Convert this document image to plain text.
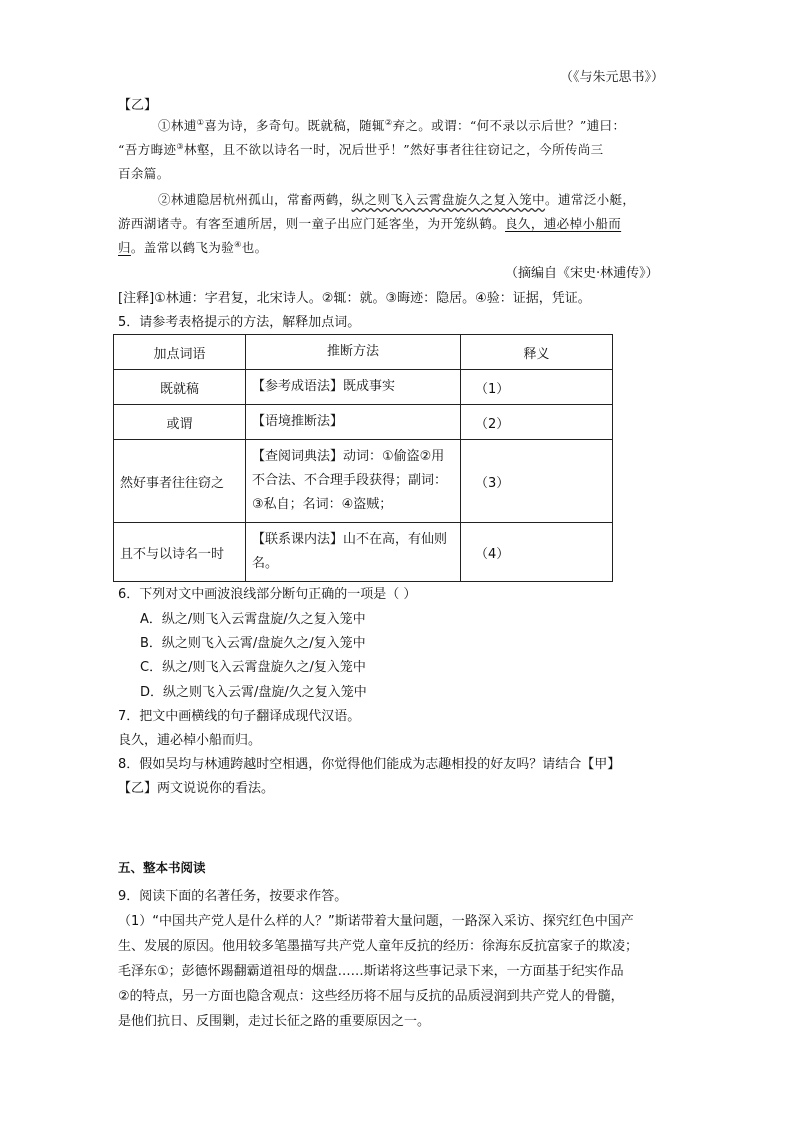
（《与朱元思书》）
【乙】
①林逋①喜为诗，多奇句。既就稿，随辄②弃之。或谓：“何不录以示后世？”逋曰：
“吾方晦迹③林壑，且不欲以诗名一时，况后世乎！”然好事者往往窃记之，今所传尚三
百余篇。
②林逋隐居杭州孤山，常畜两鹤，纵之则飞入云霄盘旋久之复入笼中。逋常泛小艇，
游西湖诸寺。有客至逋所居，则一童子出应门延客坐，为开笼纵鹤。良久，逋必棹小船而
归。盖常以鹤飞为验④也。
（摘编自《宋史·林逋传》）
[注释]①林逋：字君复，北宋诗人。②辄：就。③晦迹：隐居。④验：证据，凭证。
5．请参考表格提示的方法，解释加点词。
加点词语	推断方法	释义
既就稿	【参考成语法】既成事实	（1）
或谓	【语境推断法】	（2）
然好事者往往窃之	【查阅词典法】动词：①偷盗②用不合法、不合理手段获得；副词：③私自；名词：④盗贼；	（3）
且不与以诗名一时	【联系课内法】山不在高，有仙则名。	（4）
6．下列对文中画波浪线部分断句正确的一项是（ ）
A．纵之/则飞入云霄盘旋/久之复入笼中
B．纵之则飞入云霄/盘旋久之/复入笼中
C．纵之/则飞入云霄盘旋久之/复入笼中
D．纵之则飞入云霄/盘旋/久之复入笼中
7．把文中画横线的句子翻译成现代汉语。
良久，逋必棹小船而归。
8．假如吴均与林逋跨越时空相遇，你觉得他们能成为志趣相投的好友吗？请结合【甲】
【乙】两文说说你的看法。
五、整本书阅读
9．阅读下面的名著任务，按要求作答。
（1）“中国共产党人是什么样的人？”斯诺带着大量问题，一路深入采访、探究红色中国产
生、发展的原因。他用较多笔墨描写共产党人童年反抗的经历：徐海东反抗富家子的欺凌；
毛泽东①；彭德怀踢翻霸道祖母的烟盘……斯诺将这些事记录下来，一方面基于纪实作品
②的特点，另一方面也隐含观点：这些经历将不屈与反抗的品质浸润到共产党人的骨髓，
是他们抗日、反围剿，走过长征之路的重要原因之一。
